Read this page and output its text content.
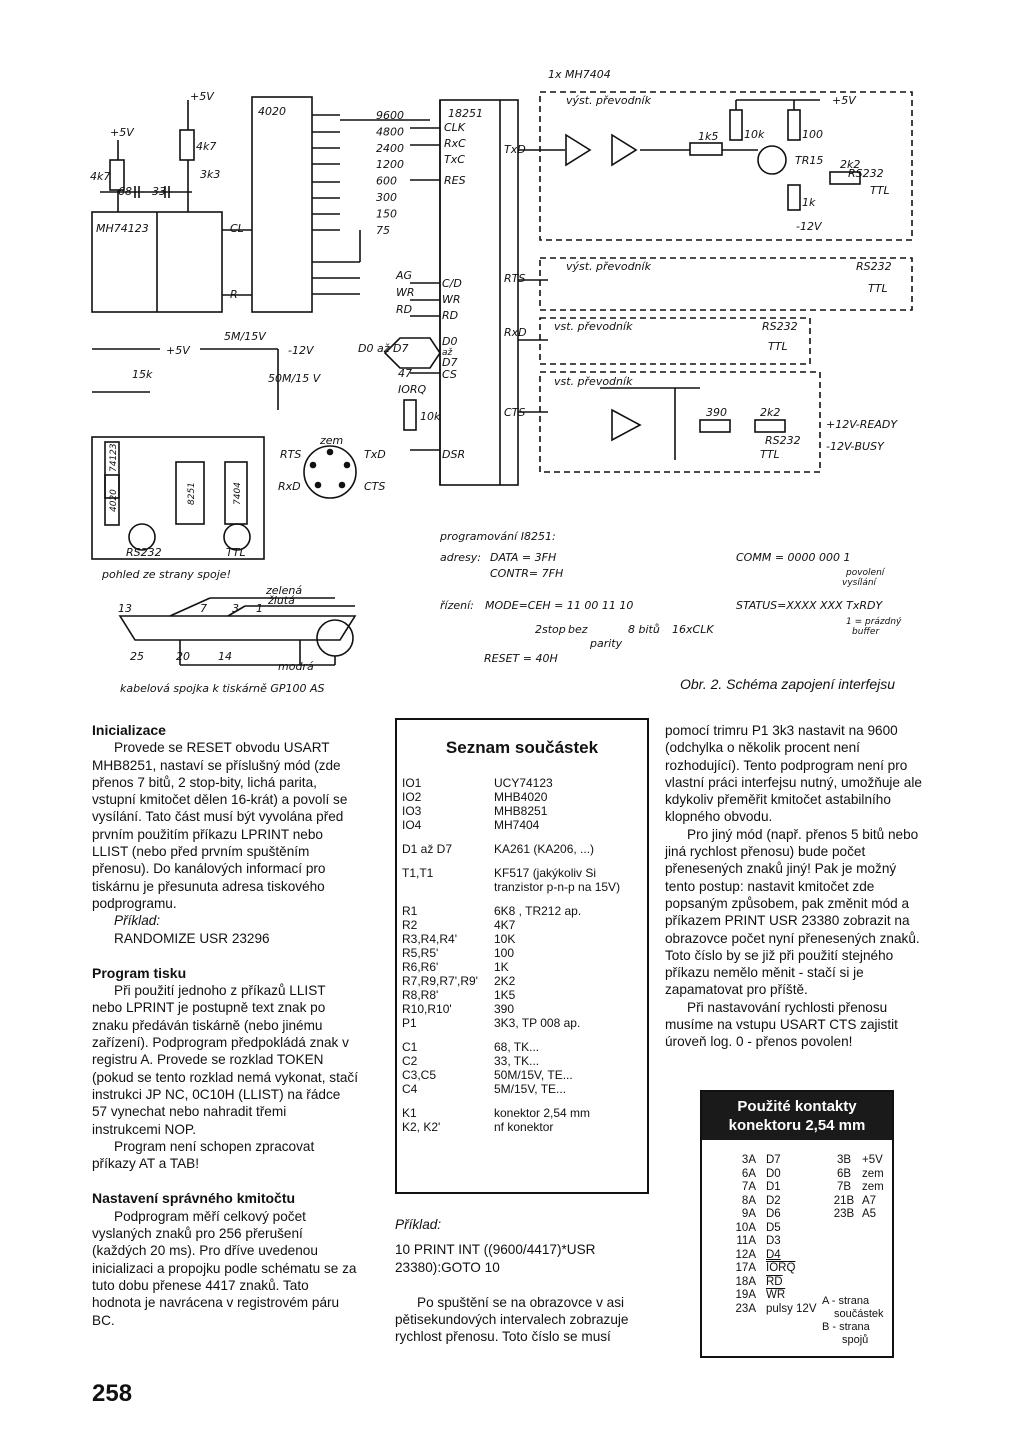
1x MH7404
18251
4020
MH74123	CL
R
+5V
+5V	+5V
4k7
4k7
3k3
68 33
9600
4800
2400
1200
600
300
150
75
CLK
RxC
TxC
RES
C/D
WR
RD
D0
až
D7
CS
DSR
TxD
RTS
RxD
CTS
AG
WR
RD
47
IORQ
D0 až D7
5M/15V
50M/15 V
-12V
+5V
15k
10k
výst. převodník
výst. převodník
vst. převodník
vst. převodník
1k5 10k	100
TR15
1k
2k2
390	2k2
-12V
RS232
TTL
RS232
TTL
RS232
TTL
RS232
TTL
+12V-READY
-12V-BUSY
zem
RTS	TxD
RxD	CTS
4020
74123
8251	7404
RS232	TTL
pohled ze strany spoje!
zelená
žlutá
modrá
13	7 3 1
25	20	14
kabelová spojka k tiskárně GP100 AS
programování I8251:
adresy: DATA = 3FH
CONTR= 7FH
řízení: MODE=CEH = 11 00 11 10
2stop bez
parity
8 bitů 16xCLK
RESET = 40H
COMM = 0000 000 1
povolení
vysílání
STATUS=XXXX XXX TxRDY
1 = prázdný
buffer
Obr. 2. Schéma zapojení interfejsu

Inicializace

Provede se RESET obvodu USART MHB8251, nastaví se příslušný mód (zde přenos 7 bitů, 2 stop-bity, lichá parita, vstupní kmitočet dělen 16-krát) a povolí se vysílání. Tato část musí být vyvolána před prvním použitím příkazu LPRINT nebo LLIST (nebo před prvním spuštěním přenosu). Do kanálových informací pro tiskárnu je přesunuta adresa tiskového podprogramu.

Příklad:

RANDOMIZE USR 23296

Program tisku

Při použití jednoho z příkazů LLIST nebo LPRINT je postupně text znak po znaku předáván tiskárně (nebo jinému zařízení). Podprogram předpokládá znak v registru A. Provede se rozklad TOKEN (pokud se tento rozklad nemá vykonat, stačí instrukci JP NC, 0C10H (LLIST) na řádce 57 vynechat nebo nahradit třemi instrukcemi NOP.

Program není schopen zpracovat příkazy AT a TAB!

Nastavení správného kmitočtu

Podprogram měří celkový počet vyslaných znaků pro 256 přerušení (každých 20 ms). Pro dříve uvedenou inicializaci a propojku podle schématu se za tuto dobu přenese 4417 znaků. Tato hodnota je navrácena v registrovém páru BC.

258
Seznam součástek
IO1	UCY74123
IO2	MHB4020
IO3	MHB8251
IO4	MH7404
D1 až D7	KA261 (KA206, ...)
T1,T1	KF517 (jakýkoliv Si
tranzistor p-n-p na 15V)
R1	6K8 , TR212 ap.
R2	4K7
R3,R4,R4'	10K
R5,R5'	100
R6,R6'	1K
R7,R9,R7',R9'	2K2
R8,R8'	1K5
R10,R10'	390
P1	3K3, TP 008 ap.
C1	68, TK...
C2	33, TK...
C3,C5	50M/15V, TE...
C4	5M/15V, TE...
K1	konektor 2,54 mm
K2, K2'	nf konektor

Příklad:

10 PRINT INT ((9600/4417)*USR 23380):GOTO 10

Po spuštění se na obrazovce v asi pětisekundových intervalech zobrazuje rychlost přenosu. Toto číslo se musí

pomocí trimru P1 3k3 nastavit na 9600 (odchylka o několik procent není rozhodující). Tento podprogram není pro vlastní práci interfejsu nutný, umožňuje ale kdykoliv přeměřit kmitočet astabilního klopného obvodu.

Pro jiný mód (např. přenos 5 bitů nebo jiná rychlost přenosu) bude počet přenesených znaků jiný! Pak je možný tento postup: nastavit kmitočet zde popsaným způsobem, pak změnit mód a příkazem PRINT USR 23380 zobrazit na obrazovce počet nyní přenesených znaků. Toto číslo by se již při použití stejného příkazu nemělo měnit - stačí si je zapamatovat pro příště.

Při nastavování rychlosti přenosu musíme na vstupu USART CTS zajistit úroveň log. 0 - přenos povolen!

Použité kontakty
konektoru 2,54 mm
3A D7	3B +5V
6A D0	6B zem
7A D1	7B zem
8A D2	21B A7
9A D6	23B A5
10A D5
11A D3
12A D4
17A IORQ
18A $\overline{RD}$
19A $\overline{WR}$
23A pulsy 12V
A - strana
součástek
B - strana
spojů
